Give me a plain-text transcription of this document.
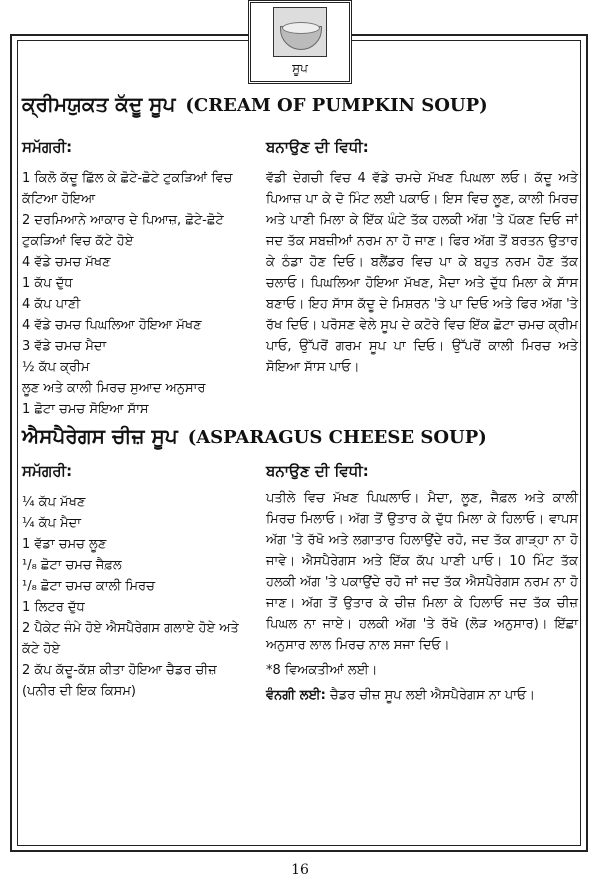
ਸੂਪ
ਕ੍ਰੀਮਯੁਕਤ ਕੱਦੂ ਸੂਪ (CREAM OF PUMPKIN SOUP)
ਸਮੱਗਰੀ:
1 ਕਿਲੋ ਕੱਦੂ ਛਿੱਲ ਕੇ ਛੋਟੇ-ਛੋਟੇ ਟੁਕੜਿਆਂ ਵਿਚ ਕੱਟਿਆ ਹੋਇਆ
2 ਦਰਮਿਆਨੇ ਆਕਾਰ ਦੇ ਪਿਆਜ਼, ਛੋਟੇ-ਛੋਟੇ ਟੁਕੜਿਆਂ ਵਿਚ ਕੱਟੇ ਹੋਏ
4 ਵੱਡੇ ਚਮਚ ਮੱਖਣ
1 ਕੱਪ ਦੁੱਧ
4 ਕੱਪ ਪਾਣੀ
4 ਵੱਡੇ ਚਮਚ ਪਿਘਲਿਆ ਹੋਇਆ ਮੱਖਣ
3 ਵੱਡੇ ਚਮਚ ਮੈਦਾ
½ ਕੱਪ ਕ੍ਰੀਮ
ਲੂਣ ਅਤੇ ਕਾਲੀ ਮਿਰਚ ਸੁਆਦ ਅਨੁਸਾਰ
1 ਛੋਟਾ ਚਮਚ ਸੋਇਆ ਸਾੱਸ
ਬਨਾਉਣ ਦੀ ਵਿਧੀ:
ਵੱਡੀ ਦੇਗਚੀ ਵਿਚ 4 ਵੱਡੇ ਚਮਚੇ ਮੱਖਣ ਪਿਘਲਾ ਲਓ। ਕੱਦੂ ਅਤੇ ਪਿਆਜ਼ ਪਾ ਕੇ ਦੋ ਮਿੰਟ ਲਈ ਪਕਾਓ। ਇਸ ਵਿਚ ਲੂਣ, ਕਾਲੀ ਮਿਰਚ ਅਤੇ ਪਾਣੀ ਮਿਲਾ ਕੇ ਇੱਕ ਘੰਟੇ ਤੱਕ ਹਲਕੀ ਅੱਗ 'ਤੇ ਪੱਕਣ ਦਿਓ ਜਾਂ ਜਦ ਤੱਕ ਸਬਜ਼ੀਆਂ ਨਰਮ ਨਾ ਹੋ ਜਾਣ। ਫਿਰ ਅੱਗ ਤੋਂ ਬਰਤਨ ਉਤਾਰ ਕੇ ਠੰਡਾ ਹੋਣ ਦਿਓ। ਬਲੈਂਡਰ ਵਿਚ ਪਾ ਕੇ ਬਹੁਤ ਨਰਮ ਹੋਣ ਤੱਕ ਚਲਾਓ। ਪਿਘਲਿਆ ਹੋਇਆ ਮੱਖਣ, ਮੈਦਾ ਅਤੇ ਦੁੱਧ ਮਿਲਾ ਕੇ ਸਾੱਸ ਬਣਾਓ। ਇਹ ਸਾੱਸ ਕੱਦੂ ਦੇ ਮਿਸ਼ਰਨ 'ਤੇ ਪਾ ਦਿਓ ਅਤੇ ਫਿਰ ਅੱਗ 'ਤੇ ਰੱਖ ਦਿਓ। ਪਰੋਸਣ ਵੇਲੇ ਸੂਪ ਦੇ ਕਟੋਰੇ ਵਿਚ ਇੱਕ ਛੋਟਾ ਚਮਚ ਕ੍ਰੀਮ ਪਾਓ, ਉੱਪਰੋਂ ਗਰਮ ਸੂਪ ਪਾ ਦਿਓ। ਉੱਪਰੋਂ ਕਾਲੀ ਮਿਰਚ ਅਤੇ ਸੋਇਆ ਸਾੱਸ ਪਾਓ।
ਐਸਪੈਰੇਗਸ ਚੀਜ਼ ਸੂਪ (ASPARAGUS CHEESE SOUP)
ਸਮੱਗਰੀ:
¼ ਕੱਪ ਮੱਖਣ
¼ ਕੱਪ ਮੈਦਾ
1 ਵੱਡਾ ਚਮਚ ਲੂਣ
¹/₈ ਛੋਟਾ ਚਮਚ ਜੈਫ਼ਲ
¹/₈ ਛੋਟਾ ਚਮਚ ਕਾਲੀ ਮਿਰਚ
1 ਲਿਟਰ ਦੁੱਧ
2 ਪੈਕੇਟ ਜੰਮੇ ਹੋਏ ਐਸਪੈਰੇਗਸ ਗਲਾਏ ਹੋਏ ਅਤੇ ਕੱਟੇ ਹੋਏ
2 ਕੱਪ ਕੱਦੂ-ਕੱਸ਼ ਕੀਤਾ ਹੋਇਆ ਚੈਡਰ ਚੀਜ਼ (ਪਨੀਰ ਦੀ ਇਕ ਕਿਸਮ)
ਬਨਾਉਣ ਦੀ ਵਿਧੀ:
ਪਤੀਲੇ ਵਿਚ ਮੱਖਣ ਪਿਘਲਾਓ। ਮੈਦਾ, ਲੂਣ, ਜੈਫ਼ਲ ਅਤੇ ਕਾਲੀ ਮਿਰਚ ਮਿਲਾਓ। ਅੱਗ ਤੋਂ ਉਤਾਰ ਕੇ ਦੁੱਧ ਮਿਲਾ ਕੇ ਹਿਲਾਓ। ਵਾਪਸ ਅੱਗ 'ਤੇ ਰੱਖੋ ਅਤੇ ਲਗਾਤਾਰ ਹਿਲਾਉਂਦੇ ਰਹੋ, ਜਦ ਤੱਕ ਗਾੜ੍ਹਾ ਨਾ ਹੋ ਜਾਵੇ। ਐਸਪੈਰੇਗਸ ਅਤੇ ਇੱਕ ਕੱਪ ਪਾਣੀ ਪਾਓ। 10 ਮਿੰਟ ਤੱਕ ਹਲਕੀ ਅੱਗ 'ਤੇ ਪਕਾਉਂਦੇ ਰਹੋ ਜਾਂ ਜਦ ਤੱਕ ਐਸਪੈਰੇਗਸ ਨਰਮ ਨਾ ਹੋ ਜਾਣ। ਅੱਗ ਤੋਂ ਉਤਾਰ ਕੇ ਚੀਜ਼ ਮਿਲਾ ਕੇ ਹਿਲਾਓ ਜਦ ਤੱਕ ਚੀਜ਼ ਪਿਘਲ ਨਾ ਜਾਏ। ਹਲਕੀ ਅੱਗ 'ਤੇ ਰੱਖੋ (ਲੋੜ ਅਨੁਸਾਰ)। ਇੱਛਾ ਅਨੁਸਾਰ ਲਾਲ ਮਿਰਚ ਨਾਲ ਸਜਾ ਦਿਓ।
*8 ਵਿਅਕਤੀਆਂ ਲਈ।
ਵੰਨਗੀ ਲਈ: ਚੈਡਰ ਚੀਜ਼ ਸੂਪ ਲਈ ਐਸਪੈਰੇਗਸ ਨਾ ਪਾਓ।
16
